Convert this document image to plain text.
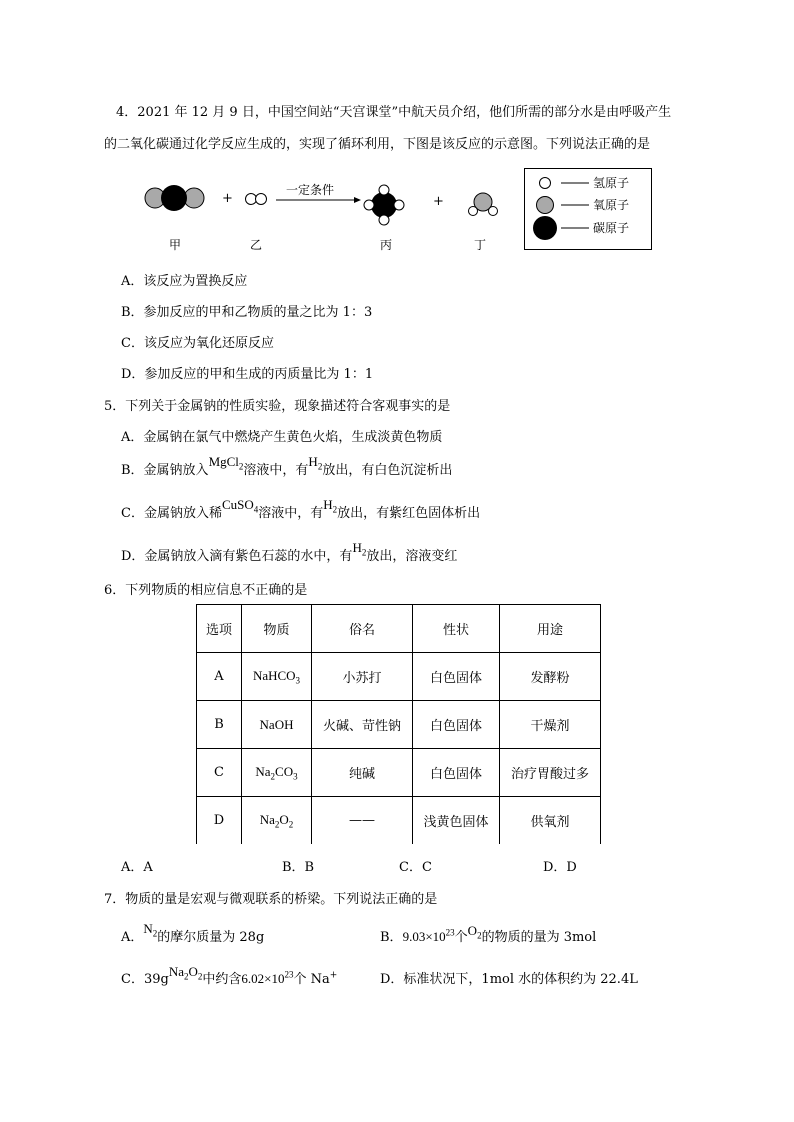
4．2021 年 12 月 9 日，中国空间站“天宫课堂”中航天员介绍，他们所需的部分水是由呼吸产生
的二氧化碳通过化学反应生成的，实现了循环利用，下图是该反应的示意图。下列说法正确的是
+	+
一定条件
甲	乙	丙	丁
氢原子
氧原子
碳原子
A．该反应为置换反应
B．参加反应的甲和乙物质的量之比为 1：3
C．该反应为氧化还原反应
D．参加反应的甲和生成的丙质量比为 1：1
5．下列关于金属钠的性质实验，现象描述符合客观事实的是
A．金属钠在氯气中燃烧产生黄色火焰，生成淡黄色物质
B．金属钠放入MgCl$_2$溶液中，有$H_2$放出，有白色沉淀析出
C．金属钠放入稀CuSO$_4$溶液中，有$H_2$放出，有紫红色固体析出
D．金属钠放入滴有紫色石蕊的水中，有$H_2$放出，溶液变红
6．下列物质的相应信息不正确的是
选项	物质	俗名	性状	用途
A	NaHCO$_3$	小苏打	白色固体	发酵粉
B	NaOH	火碱、苛性钠	白色固体	干燥剂
C	$Na_2CO_3$	纯碱	白色固体	治疗胃酸过多
D	$Na_2O_2$	——	浅黄色固体	供氧剂
A．A	B．B	C．C	D．D
7．物质的量是宏观与微观联系的桥梁。下列说法正确的是
A．$N_2$的摩尔质量为 28g	B．$9.03\times 10^{23}$个$O_2$的物质的量为 3mol
C．$39gNa_2O_2$中约含$6.02\times 10^{23}$个 Na+	D．标准状况下，1mol 水的体积约为 22.4L
